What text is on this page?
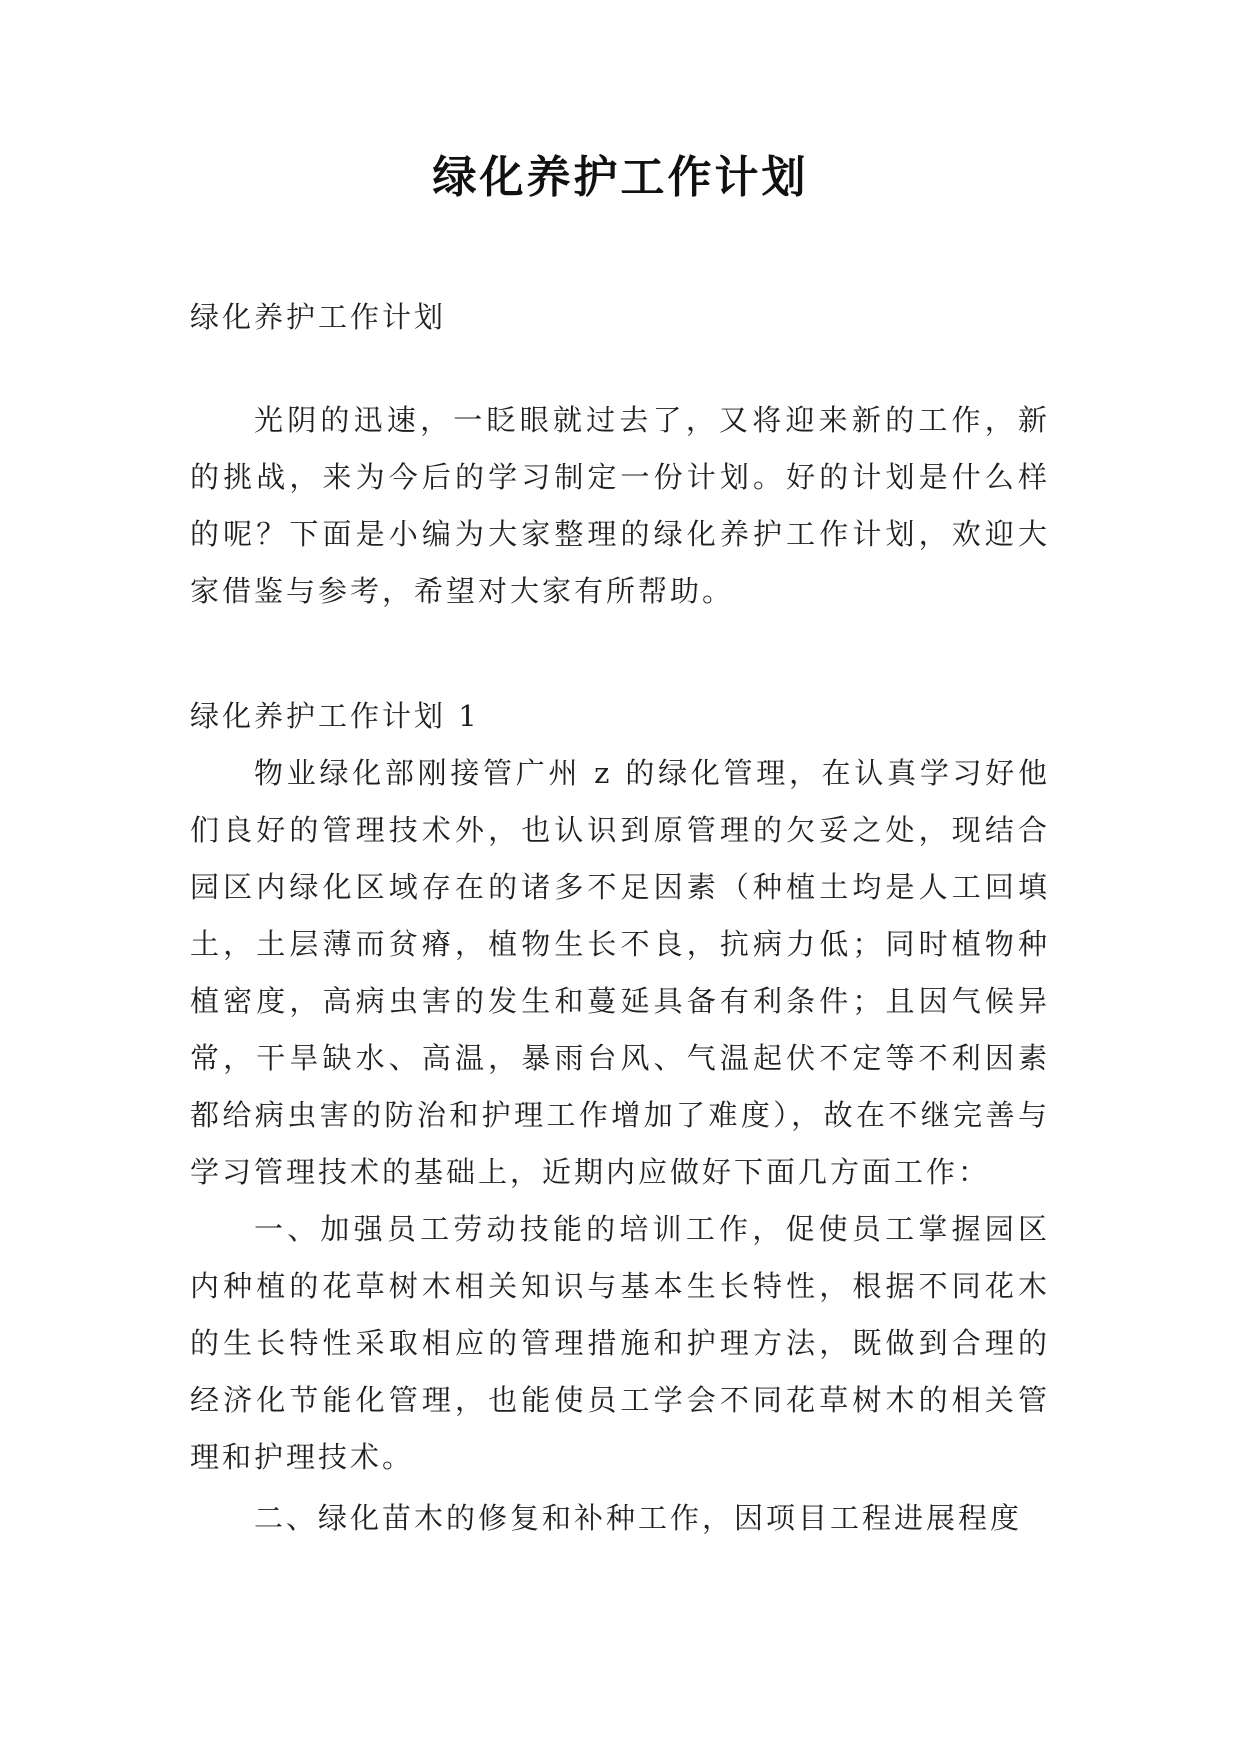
绿化养护工作计划

绿化养护工作计划

光阴的迅速，一眨眼就过去了，又将迎来新的工作，新的挑战，来为今后的学习制定一份计划。好的计划是什么样的呢？下面是小编为大家整理的绿化养护工作计划，欢迎大家借鉴与参考，希望对大家有所帮助。

绿化养护工作计划 1

物业绿化部刚接管广州 z 的绿化管理，在认真学习好他们良好的管理技术外，也认识到原管理的欠妥之处，现结合园区内绿化区域存在的诸多不足因素（种植土均是人工回填土，土层薄而贫瘠，植物生长不良，抗病力低；同时植物种植密度，高病虫害的发生和蔓延具备有利条件；且因气候异常，干旱缺水、高温，暴雨台风、气温起伏不定等不利因素都给病虫害的防治和护理工作增加了难度），故在不继完善与学习管理技术的基础上，近期内应做好下面几方面工作：

一、加强员工劳动技能的培训工作，促使员工掌握园区内种植的花草树木相关知识与基本生长特性，根据不同花木的生长特性采取相应的管理措施和护理方法，既做到合理的经济化节能化管理，也能使员工学会不同花草树木的相关管理和护理技术。

二、绿化苗木的修复和补种工作，因项目工程进展程度
